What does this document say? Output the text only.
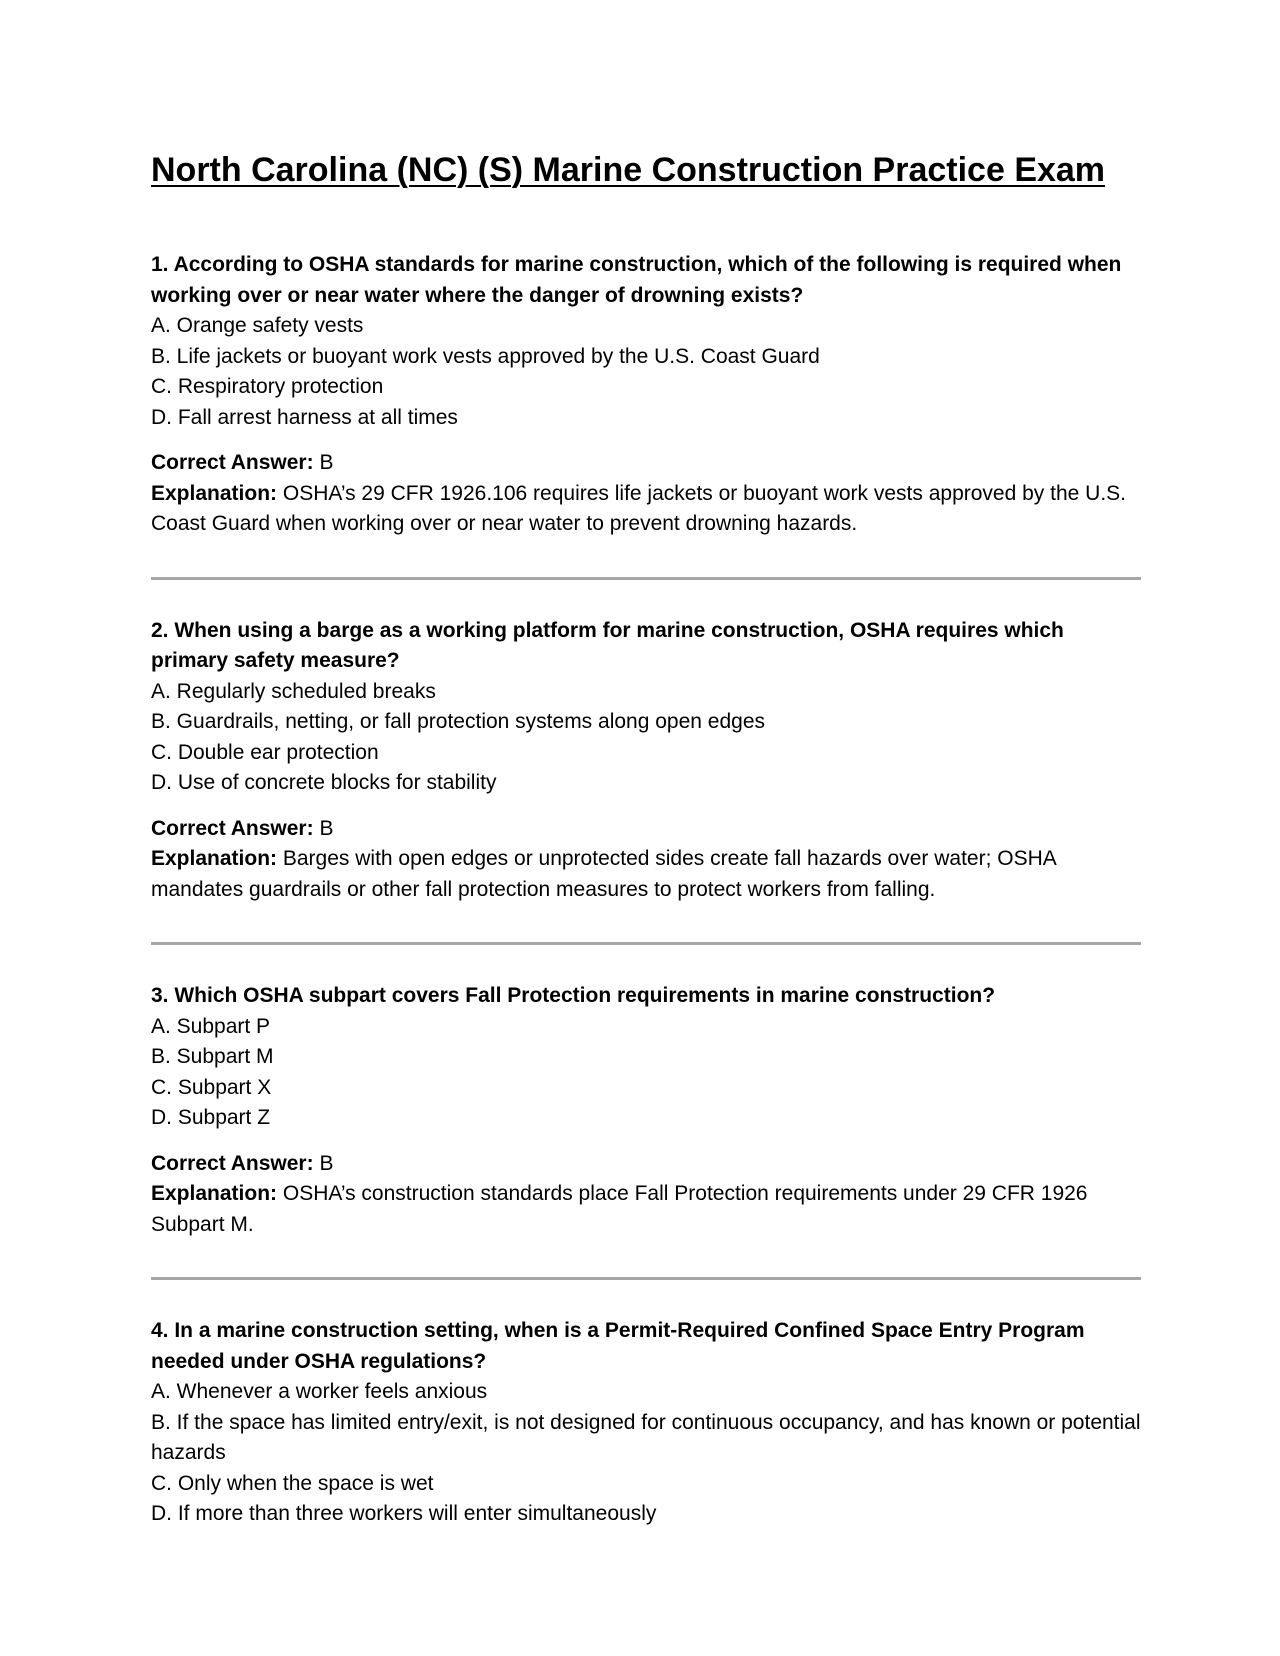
North Carolina (NC) (S) Marine Construction Practice Exam

1. According to OSHA standards for marine construction, which of the following is required when working over or near water where the danger of drowning exists?

A. Orange safety vests
B. Life jackets or buoyant work vests approved by the U.S. Coast Guard
C. Respiratory protection
D. Fall arrest harness at all times

Correct Answer: B

Explanation: OSHA’s 29 CFR 1926.106 requires life jackets or buoyant work vests approved by the U.S. Coast Guard when working over or near water to prevent drowning hazards.

2. When using a barge as a working platform for marine construction, OSHA requires which primary safety measure?

A. Regularly scheduled breaks
B. Guardrails, netting, or fall protection systems along open edges
C. Double ear protection
D. Use of concrete blocks for stability

Correct Answer: B

Explanation: Barges with open edges or unprotected sides create fall hazards over water; OSHA mandates guardrails or other fall protection measures to protect workers from falling.

3. Which OSHA subpart covers Fall Protection requirements in marine construction?

A. Subpart P
B. Subpart M
C. Subpart X
D. Subpart Z

Correct Answer: B

Explanation: OSHA’s construction standards place Fall Protection requirements under 29 CFR 1926 Subpart M.

4. In a marine construction setting, when is a Permit-Required Confined Space Entry Program needed under OSHA regulations?

A. Whenever a worker feels anxious
B. If the space has limited entry/exit, is not designed for continuous occupancy, and has known or potential hazards
C. Only when the space is wet
D. If more than three workers will enter simultaneously
